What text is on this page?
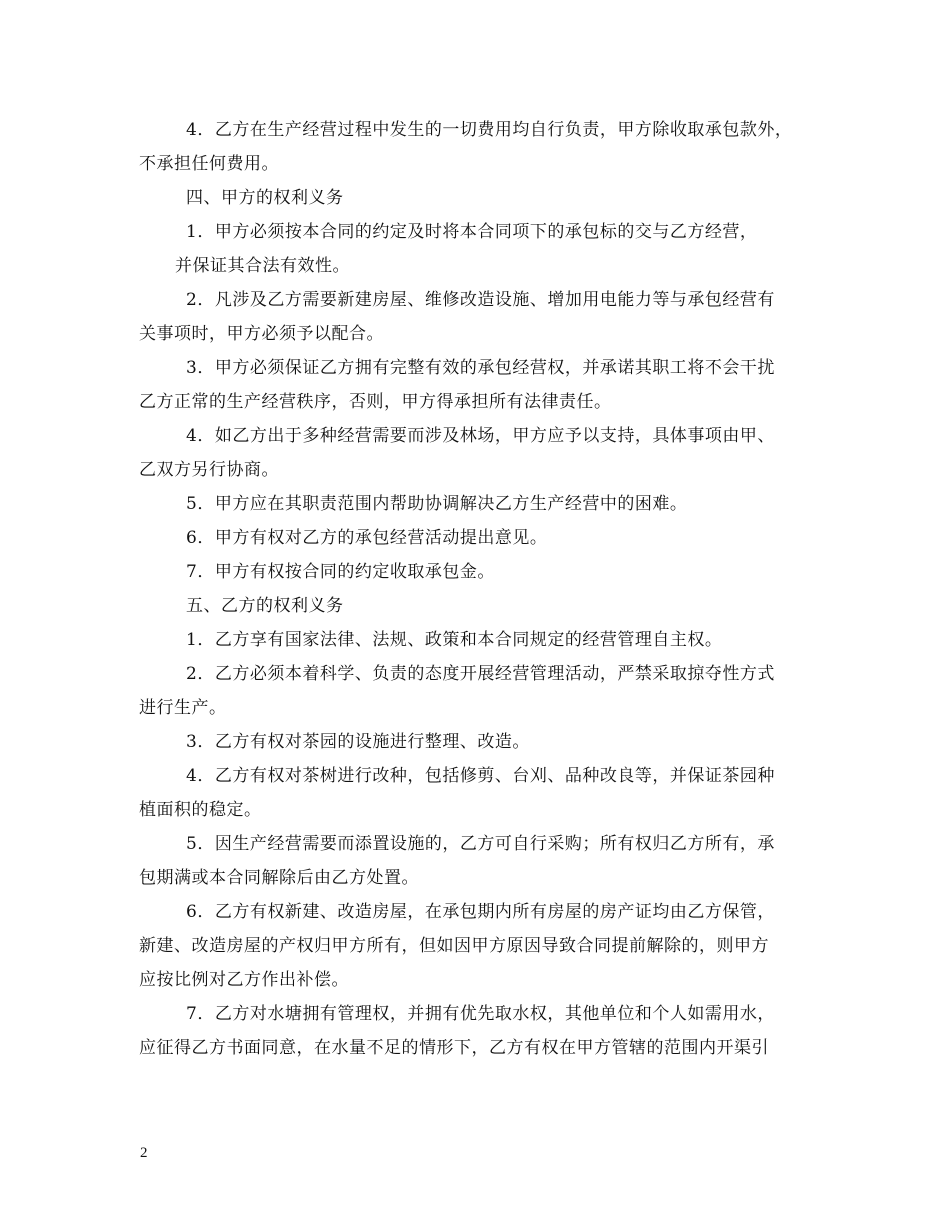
4．乙方在生产经营过程中发生的一切费用均自行负责，甲方除收取承包款外，
不承担任何费用。
四、甲方的权利义务
1．甲方必须按本合同的约定及时将本合同项下的承包标的交与乙方经营，
并保证其合法有效性。
2．凡涉及乙方需要新建房屋、维修改造设施、增加用电能力等与承包经营有
关事项时，甲方必须予以配合。
3．甲方必须保证乙方拥有完整有效的承包经营权，并承诺其职工将不会干扰
乙方正常的生产经营秩序，否则，甲方得承担所有法律责任。
4．如乙方出于多种经营需要而涉及林场，甲方应予以支持，具体事项由甲、
乙双方另行协商。
5．甲方应在其职责范围内帮助协调解决乙方生产经营中的困难。
6．甲方有权对乙方的承包经营活动提出意见。
7．甲方有权按合同的约定收取承包金。
五、乙方的权利义务
1．乙方享有国家法律、法规、政策和本合同规定的经营管理自主权。
2．乙方必须本着科学、负责的态度开展经营管理活动，严禁采取掠夺性方式
进行生产。
3．乙方有权对茶园的设施进行整理、改造。
4．乙方有权对茶树进行改种，包括修剪、台刈、品种改良等，并保证茶园种
植面积的稳定。
5．因生产经营需要而添置设施的，乙方可自行采购；所有权归乙方所有，承
包期满或本合同解除后由乙方处置。
6．乙方有权新建、改造房屋，在承包期内所有房屋的房产证均由乙方保管，
新建、改造房屋的产权归甲方所有，但如因甲方原因导致合同提前解除的，则甲方
应按比例对乙方作出补偿。
7．乙方对水塘拥有管理权，并拥有优先取水权，其他单位和个人如需用水，
应征得乙方书面同意，在水量不足的情形下，乙方有权在甲方管辖的范围内开渠引
2
